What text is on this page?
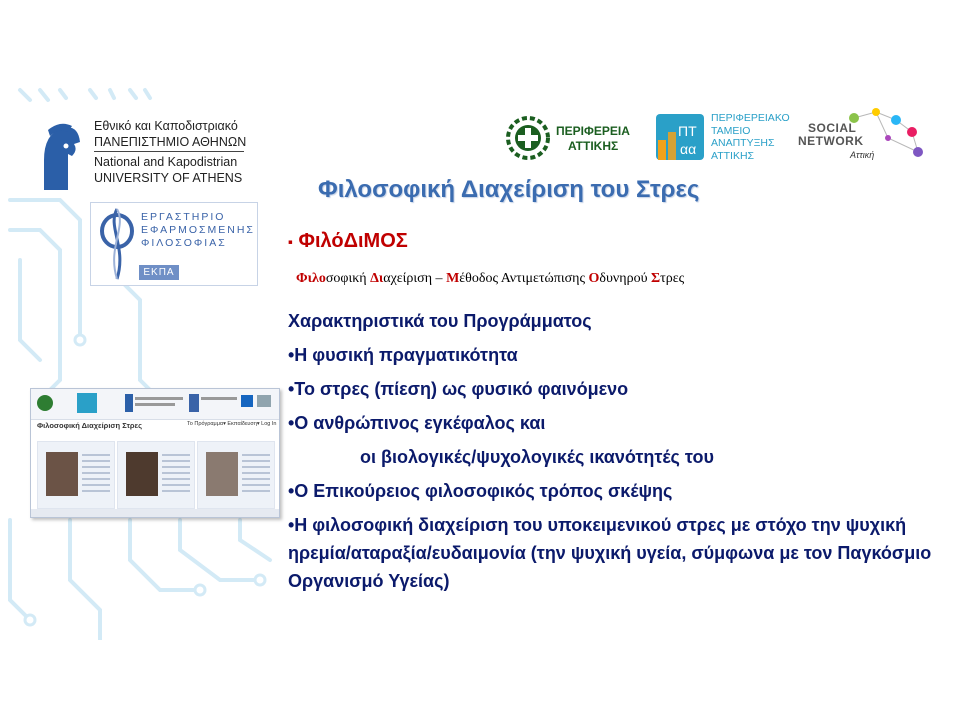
Εθνικό και Καποδιστριακό
ΠΑΝΕΠΙΣΤΗΜΙΟ ΑΘΗΝΩΝ
National and Kapodistrian
UNIVERSITY OF ATHENS
ΕΡΓΑΣΤΗΡΙΟ
ΕΦΑΡΜΟΣΜΕΝΗΣ
ΦΙΛΟΣΟΦΙΑΣ
ΕΚΠΑ
ΠΕΡΙΦΕΡΕΙΑ
ΑΤΤΙΚΗΣ
ΠΤ
αα
ΠΕΡΙΦΕΡΕΙΑΚΟ
ΤΑΜΕΙΟ
ΑΝΑΠΤΥΞΗΣ
ΑΤΤΙΚΗΣ
SOCIAL
NETWORK
Αττική
Φιλοσοφική Διαχείριση του Στρες
▪ ΦιλόΔιΜΟΣ
Φιλοσοφική Διαχείριση – Μέθοδος Αντιμετώπισης Οδυνηρού Στρες
Χαρακτηριστικά του Προγράμματος
•Η φυσική πραγματικότητα
•Το στρες (πίεση) ως φυσικό φαινόμενο
•Ο ανθρώπινος εγκέφαλος και
οι βιολογικές/ψυχολογικές ικανότητές του
•Ο Επικούρειος φιλοσοφικός τρόπος σκέψης
•Η φιλοσοφική διαχείριση του υποκειμενικού στρες με στόχο την ψυχική ηρεμία/αταραξία/ευδαιμονία (την ψυχική υγεία, σύμφωνα με τον Παγκόσμιο Οργανισμό Υγείας)
Φιλοσοφική Διαχείριση Στρες	Το Πρόγραμμα▾ Εκπαίδευση▾ Log In
